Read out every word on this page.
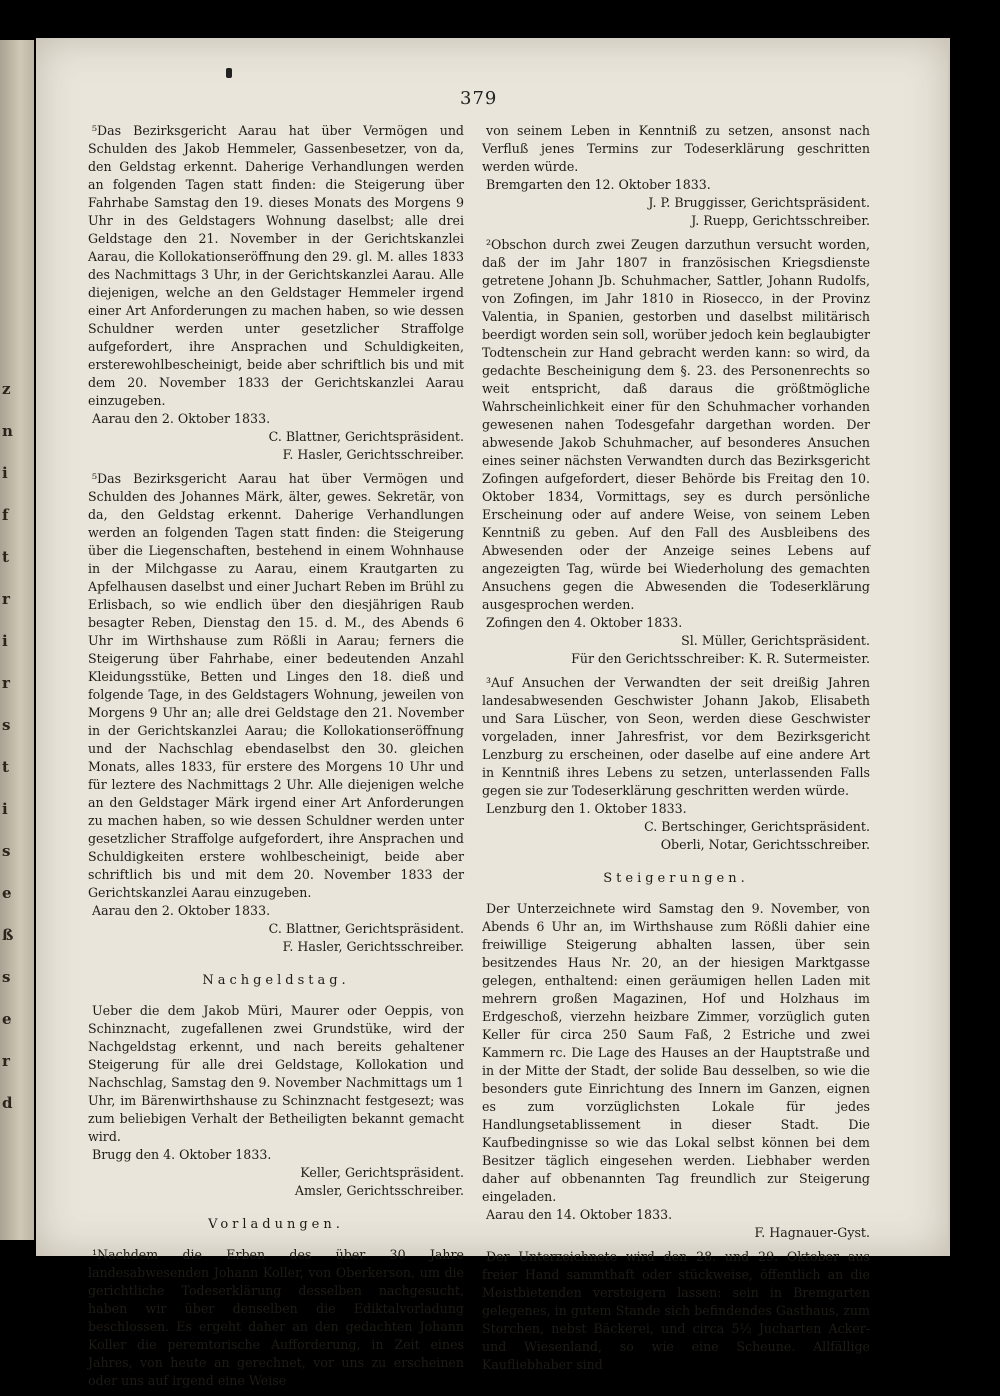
z
n
i
f
t
r
i
r
s
t
i
s
e
ß
s
e
r
d
379

⁵Das Bezirksgericht Aarau hat über Vermögen und Schulden des Jakob Hemmeler, Gassenbesetzer, von da, den Geldstag erkennt. Daherige Verhandlungen werden an folgenden Tagen statt finden: die Steigerung über Fahrhabe Samstag den 19. dieses Monats des Morgens 9 Uhr in des Geldstagers Wohnung daselbst; alle drei Geldstage den 21. November in der Gerichtskanzlei Aarau, die Kollokationseröffnung den 29. gl. M. alles 1833 des Nachmittags 3 Uhr, in der Gerichtskanzlei Aarau. Alle diejenigen, welche an den Geldstager Hemmeler irgend einer Art Anforderungen zu machen haben, so wie dessen Schuldner werden unter gesetzlicher Straffolge aufgefordert, ihre Ansprachen und Schuldigkeiten, ersterewohlbescheinigt, beide aber schriftlich bis und mit dem 20. November 1833 der Gerichtskanzlei Aarau einzugeben.

Aarau den 2. Oktober 1833.

C. Blattner, Gerichtspräsident.

F. Hasler, Gerichtsschreiber.

⁵Das Bezirksgericht Aarau hat über Vermögen und Schulden des Johannes Märk, älter, gewes. Sekretär, von da, den Geldstag erkennt. Daherige Verhandlungen werden an folgenden Tagen statt finden: die Steigerung über die Liegenschaften, bestehend in einem Wohnhause in der Milchgasse zu Aarau, einem Krautgarten zu Apfelhausen daselbst und einer Juchart Reben im Brühl zu Erlisbach, so wie endlich über den diesjährigen Raub besagter Reben, Dienstag den 15. d. M., des Abends 6 Uhr im Wirthshause zum Rößli in Aarau; ferners die Steigerung über Fahrhabe, einer bedeutenden Anzahl Kleidungsstüke, Betten und Linges den 18. dieß und folgende Tage, in des Geldstagers Wohnung, jeweilen von Morgens 9 Uhr an; alle drei Geldstage den 21. November in der Gerichtskanzlei Aarau; die Kollokationseröffnung und der Nachschlag ebendaselbst den 30. gleichen Monats, alles 1833, für erstere des Morgens 10 Uhr und für leztere des Nachmittags 2 Uhr. Alle diejenigen welche an den Geldstager Märk irgend einer Art Anforderungen zu machen haben, so wie dessen Schuldner werden unter gesetzlicher Straffolge aufgefordert, ihre Ansprachen und Schuldigkeiten erstere wohlbescheinigt, beide aber schriftlich bis und mit dem 20. November 1833 der Gerichtskanzlei Aarau einzugeben.

Aarau den 2. Oktober 1833.

C. Blattner, Gerichtspräsident.

F. Hasler, Gerichtsschreiber.

Nachgeldstag.

Ueber die dem Jakob Müri, Maurer oder Oeppis, von Schinznacht, zugefallenen zwei Grundstüke, wird der Nachgeldstag erkennt, und nach bereits gehaltener Steigerung für alle drei Geldstage, Kollokation und Nachschlag, Samstag den 9. November Nachmittags um 1 Uhr, im Bärenwirthshause zu Schinznacht festgesezt; was zum beliebigen Verhalt der Betheiligten bekannt gemacht wird.

Brugg den 4. Oktober 1833.

Keller, Gerichtspräsident.

Amsler, Gerichtsschreiber.

Vorladungen.

¹Nachdem die Erben des über 30 Jahre landesabwesenden Johann Koller, von Oberkerson, um die gerichtliche Todeserklärung desselben nachgesucht, haben wir über denselben die Ediktalvorladung beschlossen. Es ergeht daher an den gedachten Johann Koller die peremtorische Aufforderung, in Zeit eines Jahres, von heute an gerechnet, vor uns zu erscheinen oder uns auf irgend eine Weise

von seinem Leben in Kenntniß zu setzen, ansonst nach Verfluß jenes Termins zur Todeserklärung geschritten werden würde.

Bremgarten den 12. Oktober 1833.

J. P. Bruggisser, Gerichtspräsident.

J. Ruepp, Gerichtsschreiber.

²Obschon durch zwei Zeugen darzuthun versucht worden, daß der im Jahr 1807 in französischen Kriegsdienste getretene Johann Jb. Schuhmacher, Sattler, Johann Rudolfs, von Zofingen, im Jahr 1810 in Riosecco, in der Provinz Valentia, in Spanien, gestorben und daselbst militärisch beerdigt worden sein soll, worüber jedoch kein beglaubigter Todtenschein zur Hand gebracht werden kann: so wird, da gedachte Bescheinigung dem §. 23. des Personenrechts so weit entspricht, daß daraus die größtmögliche Wahrscheinlichkeit einer für den Schuhmacher vorhanden gewesenen nahen Todesgefahr dargethan worden. Der abwesende Jakob Schuhmacher, auf besonderes Ansuchen eines seiner nächsten Verwandten durch das Bezirksgericht Zofingen aufgefordert, dieser Behörde bis Freitag den 10. Oktober 1834, Vormittags, sey es durch persönliche Erscheinung oder auf andere Weise, von seinem Leben Kenntniß zu geben. Auf den Fall des Ausbleibens des Abwesenden oder der Anzeige seines Lebens auf angezeigten Tag, würde bei Wiederholung des gemachten Ansuchens gegen die Abwesenden die Todeserklärung ausgesprochen werden.

Zofingen den 4. Oktober 1833.

Sl. Müller, Gerichtspräsident.

Für den Gerichtsschreiber: K. R. Sutermeister.

³Auf Ansuchen der Verwandten der seit dreißig Jahren landesabwesenden Geschwister Johann Jakob, Elisabeth und Sara Lüscher, von Seon, werden diese Geschwister vorgeladen, inner Jahresfrist, vor dem Bezirksgericht Lenzburg zu erscheinen, oder daselbe auf eine andere Art in Kenntniß ihres Lebens zu setzen, unterlassenden Falls gegen sie zur Todeserklärung geschritten werden würde.

Lenzburg den 1. Oktober 1833.

C. Bertschinger, Gerichtspräsident.

Oberli, Notar, Gerichtsschreiber.

Steigerungen.

Der Unterzeichnete wird Samstag den 9. November, von Abends 6 Uhr an, im Wirthshause zum Rößli dahier eine freiwillige Steigerung abhalten lassen, über sein besitzendes Haus Nr. 20, an der hiesigen Marktgasse gelegen, enthaltend: einen geräumigen hellen Laden mit mehrern großen Magazinen, Hof und Holzhaus im Erdgeschoß, vierzehn heizbare Zimmer, vorzüglich guten Keller für circa 250 Saum Faß, 2 Estriche und zwei Kammern rc. Die Lage des Hauses an der Hauptstraße und in der Mitte der Stadt, der solide Bau desselben, so wie die besonders gute Einrichtung des Innern im Ganzen, eignen es zum vorzüglichsten Lokale für jedes Handlungsetablissement in dieser Stadt. Die Kaufbedingnisse so wie das Lokal selbst können bei dem Besitzer täglich eingesehen werden. Liebhaber werden daher auf obbenannten Tag freundlich zur Steigerung eingeladen.

Aarau den 14. Oktober 1833.

F. Hagnauer-Gyst.

Der Unterzeichnete wird den 28. und 29. Oktober aus freier Hand sammthaft oder stückweise, öffentlich an die Meistbietenden versteigern lassen: sein in Bremgarten gelegenes, in gutem Stande sich befindendes Gasthaus, zum Storchen, nebst Bäckerei, und circa 5½ Jucharten Acker- und Wiesenland, so wie eine Scheune. Allfällige Kaufliebhaber sind
